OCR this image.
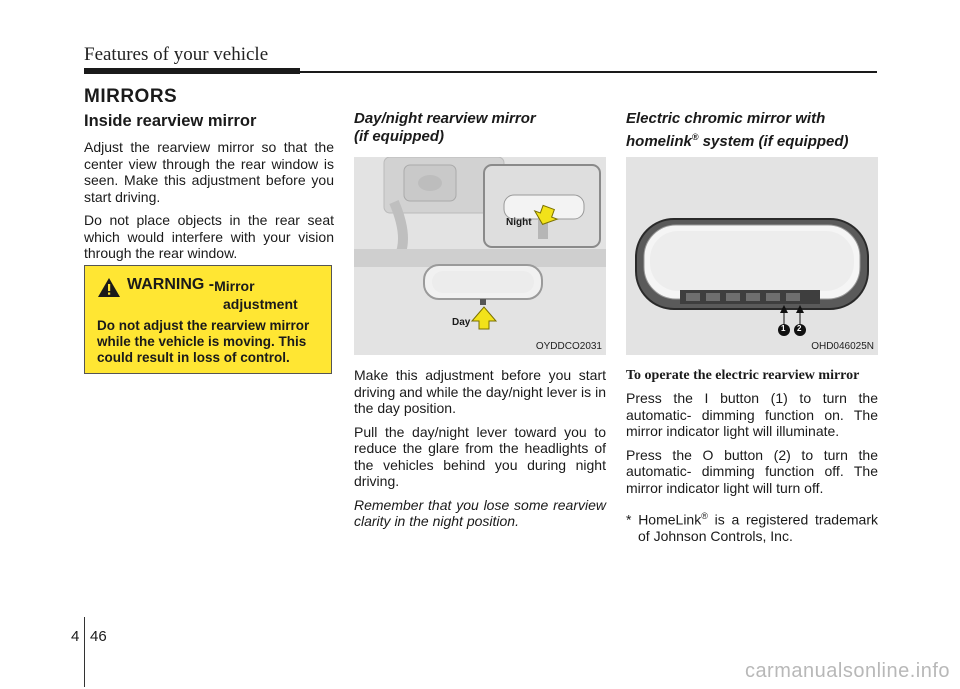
Features of your vehicle
MIRRORS
Inside rearview mirror

Adjust the rearview mirror so that the center view through the rear window is seen. Make this adjustment before you start driving.

Do not place objects in the rear seat which would interfere with your vision through the rear window.

WARNING - Mirror
adjustment
Do not adjust the rearview mirror while the vehicle is moving. This could result in loss of control.
Day/night rearview mirror
(if equipped)
Night
Day
OYDDCO2031

Make this adjustment before you start driving and while the day/night lever is in the day position.

Pull the day/night lever toward you to reduce the glare from the headlights of the vehicles behind you during night driving.

Remember that you lose some rearview clarity in the night position.

Electric chromic mirror with
homelink® system (if equipped)
1 2
OHD046025N

To operate the electric rearview mirror

Press the I button (1) to turn the automatic- dimming function on. The mirror indicator light will illuminate.

Press the O button (2) to turn the automatic- dimming function off. The mirror indicator light will turn off.

* HomeLink® is a registered trademark of Johnson Controls, Inc.

4 46
carmanualsonline.info
